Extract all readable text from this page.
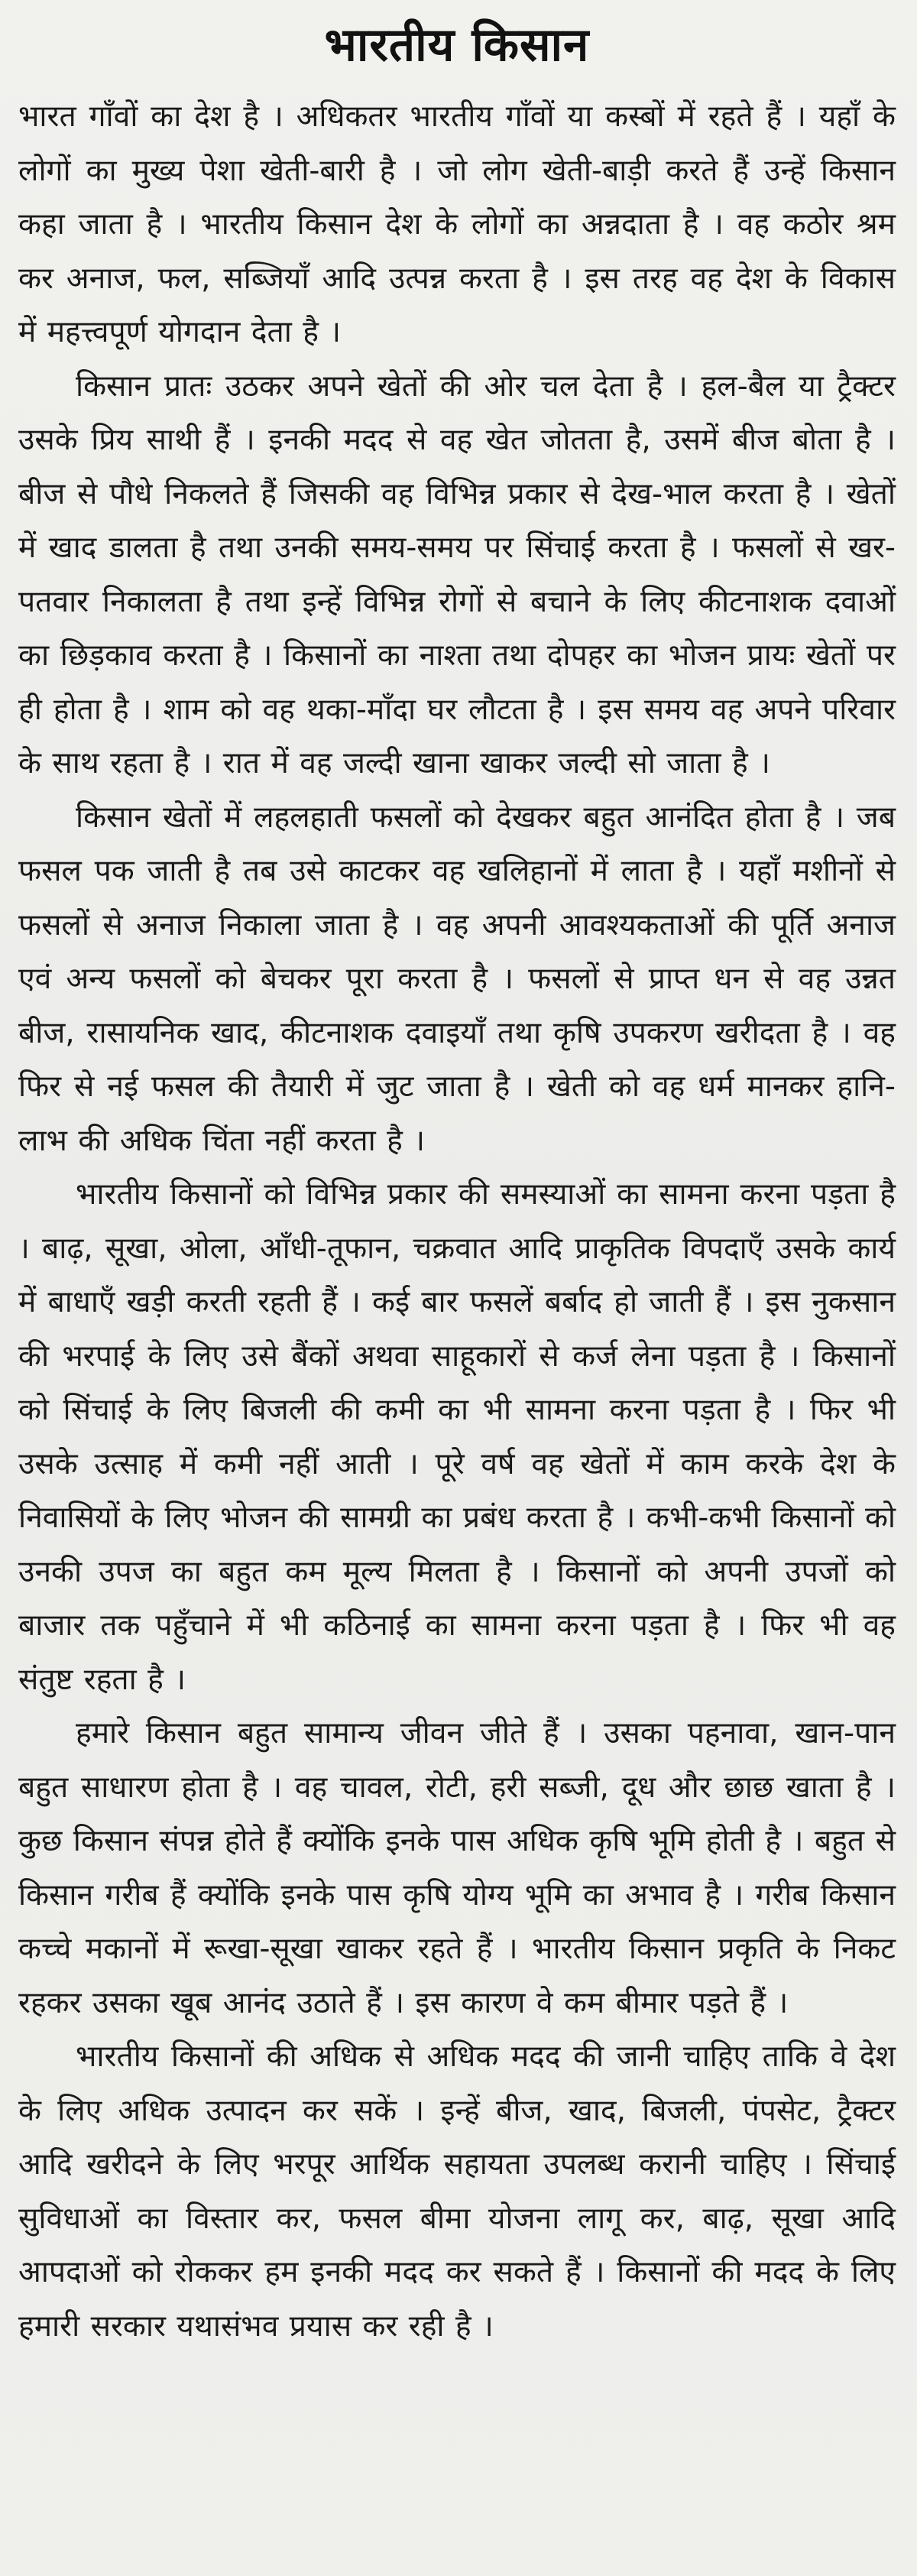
भारतीय किसान

भारत गाँवों का देश है । अधिकतर भारतीय गाँवों या कस्बों में रहते हैं । यहाँ के लोगों का मुख्य पेशा खेती-बारी है । जो लोग खेती-बाड़ी करते हैं उन्हें किसान कहा जाता है । भारतीय किसान देश के लोगों का अन्नदाता है । वह कठोर श्रम कर अनाज, फल, सब्जियाँ आदि उत्पन्न करता है । इस तरह वह देश के विकास में महत्त्वपूर्ण योगदान देता है ।

किसान प्रातः उठकर अपने खेतों की ओर चल देता है । हल-बैल या ट्रैक्टर उसके प्रिय साथी हैं । इनकी मदद से वह खेत जोतता है, उसमें बीज बोता है । बीज से पौधे निकलते हैं जिसकी वह विभिन्न प्रकार से देख-भाल करता है । खेतों में खाद डालता है तथा उनकी समय-समय पर सिंचाई करता है । फसलों से खर-पतवार निकालता है तथा इन्हें विभिन्न रोगों से बचाने के लिए कीटनाशक दवाओं का छिड़काव करता है । किसानों का नाश्ता तथा दोपहर का भोजन प्रायः खेतों पर ही होता है । शाम को वह थका-माँदा घर लौटता है । इस समय वह अपने परिवार के साथ रहता है । रात में वह जल्दी खाना खाकर जल्दी सो जाता है ।

किसान खेतों में लहलहाती फसलों को देखकर बहुत आनंदित होता है । जब फसल पक जाती है तब उसे काटकर वह खलिहानों में लाता है । यहाँ मशीनों से फसलों से अनाज निकाला जाता है । वह अपनी आवश्यकताओं की पूर्ति अनाज एवं अन्य फसलों को बेचकर पूरा करता है । फसलों से प्राप्त धन से वह उन्नत बीज, रासायनिक खाद, कीटनाशक दवाइयाँ तथा कृषि उपकरण खरीदता है । वह फिर से नई फसल की तैयारी में जुट जाता है । खेती को वह धर्म मानकर हानि-लाभ की अधिक चिंता नहीं करता है ।

भारतीय किसानों को विभिन्न प्रकार की समस्याओं का सामना करना पड़ता है । बाढ़, सूखा, ओला, आँधी-तूफान, चक्रवात आदि प्राकृतिक विपदाएँ उसके कार्य में बाधाएँ खड़ी करती रहती हैं । कई बार फसलें बर्बाद हो जाती हैं । इस नुकसान की भरपाई के लिए उसे बैंकों अथवा साहूकारों से कर्ज लेना पड़ता है । किसानों को सिंचाई के लिए बिजली की कमी का भी सामना करना पड़ता है । फिर भी उसके उत्साह में कमी नहीं आती । पूरे वर्ष वह खेतों में काम करके देश के निवासियों के लिए भोजन की सामग्री का प्रबंध करता है । कभी-कभी किसानों को उनकी उपज का बहुत कम मूल्य मिलता है । किसानों को अपनी उपजों को बाजार तक पहुँचाने में भी कठिनाई का सामना करना पड़ता है । फिर भी वह संतुष्ट रहता है ।

हमारे किसान बहुत सामान्य जीवन जीते हैं । उसका पहनावा, खान-पान बहुत साधारण होता है । वह चावल, रोटी, हरी सब्जी, दूध और छाछ खाता है । कुछ किसान संपन्न होते हैं क्योंकि इनके पास अधिक कृषि भूमि होती है । बहुत से किसान गरीब हैं क्योंकि इनके पास कृषि योग्य भूमि का अभाव है । गरीब किसान कच्चे मकानों में रूखा-सूखा खाकर रहते हैं । भारतीय किसान प्रकृति के निकट रहकर उसका खूब आनंद उठाते हैं । इस कारण वे कम बीमार पड़ते हैं ।

भारतीय किसानों की अधिक से अधिक मदद की जानी चाहिए ताकि वे देश के लिए अधिक उत्पादन कर सकें । इन्हें बीज, खाद, बिजली, पंपसेट, ट्रैक्टर आदि खरीदने के लिए भरपूर आर्थिक सहायता उपलब्ध करानी चाहिए । सिंचाई सुविधाओं का विस्तार कर, फसल बीमा योजना लागू कर, बाढ़, सूखा आदि आपदाओं को रोककर हम इनकी मदद कर सकते हैं । किसानों की मदद के लिए हमारी सरकार यथासंभव प्रयास कर रही है ।
